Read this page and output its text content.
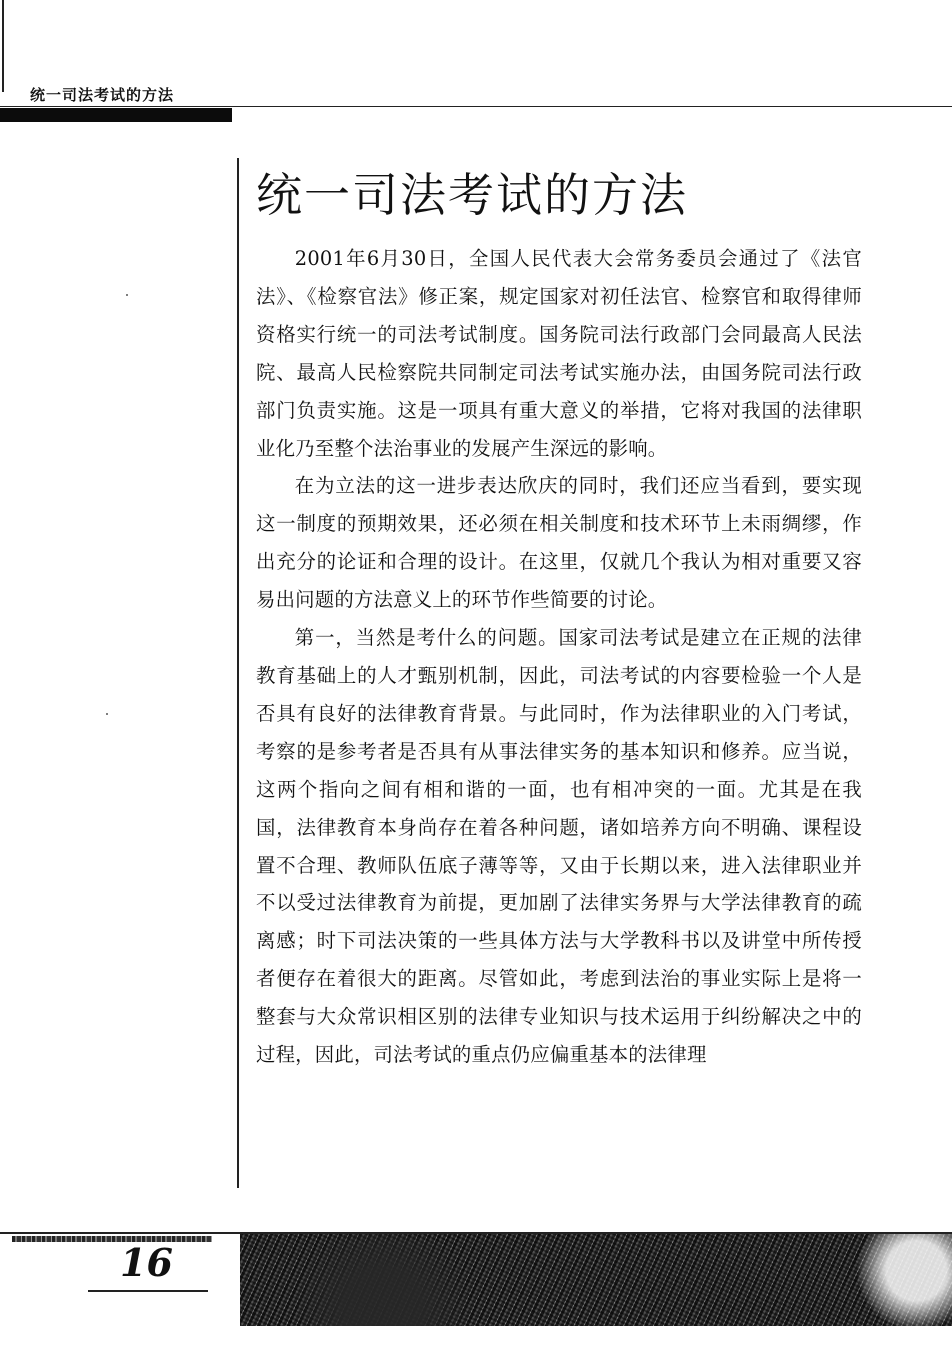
统一司法考试的方法
统一司法考试的方法

2001年6月30日，全国人民代表大会常务委员会通过了《法官法》、《检察官法》修正案，规定国家对初任法官、检察官和取得律师资格实行统一的司法考试制度。国务院司法行政部门会同最高人民法院、最高人民检察院共同制定司法考试实施办法，由国务院司法行政部门负责实施。这是一项具有重大意义的举措，它将对我国的法律职业化乃至整个法治事业的发展产生深远的影响。

在为立法的这一进步表达欣庆的同时，我们还应当看到，要实现这一制度的预期效果，还必须在相关制度和技术环节上未雨绸缪，作出充分的论证和合理的设计。在这里，仅就几个我认为相对重要又容易出问题的方法意义上的环节作些简要的讨论。

第一，当然是考什么的问题。国家司法考试是建立在正规的法律教育基础上的人才甄别机制，因此，司法考试的内容要检验一个人是否具有良好的法律教育背景。与此同时，作为法律职业的入门考试，考察的是参考者是否具有从事法律实务的基本知识和修养。应当说，这两个指向之间有相和谐的一面，也有相冲突的一面。尤其是在我国，法律教育本身尚存在着各种问题，诸如培养方向不明确、课程设置不合理、教师队伍底子薄等等，又由于长期以来，进入法律职业并不以受过法律教育为前提，更加剧了法律实务界与大学法律教育的疏离感；时下司法决策的一些具体方法与大学教科书以及讲堂中所传授者便存在着很大的距离。尽管如此，考虑到法治的事业实际上是将一整套与大众常识相区别的法律专业知识与技术运用于纠纷解决之中的过程，因此，司法考试的重点仍应偏重基本的法律理

16
